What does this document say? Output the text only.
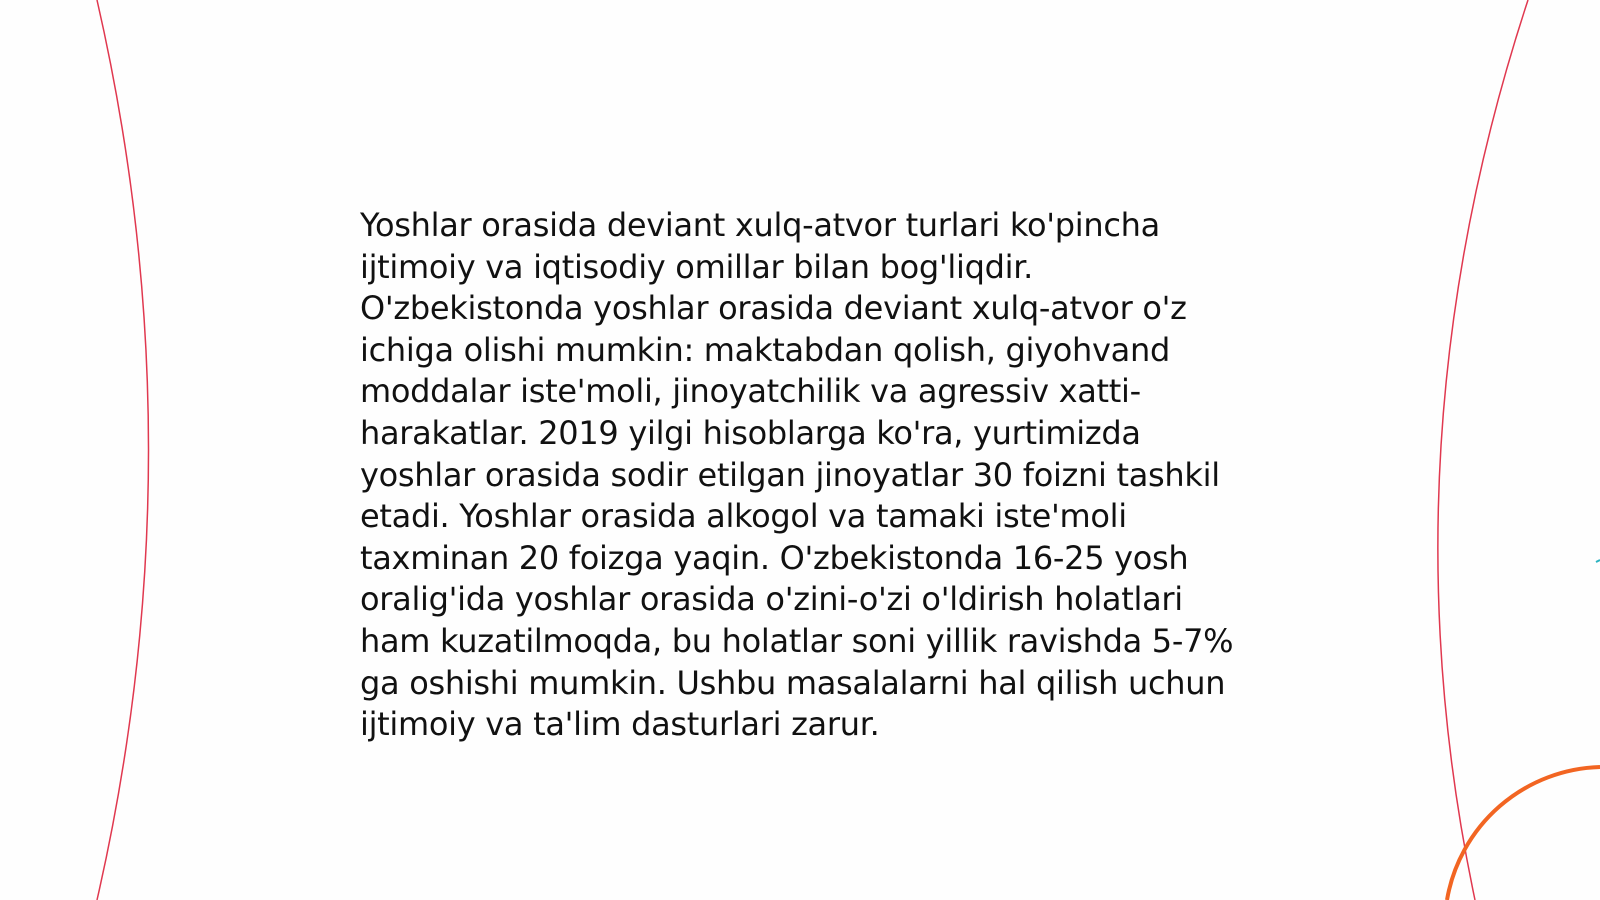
Yoshlar orasida deviant xulq-atvor turlari ko'pincha ijtimoiy va iqtisodiy omillar bilan bog'liqdir. O'zbekistonda yoshlar orasida deviant xulq-atvor o'z ichiga olishi mumkin: maktabdan qolish, giyohvand moddalar iste'moli, jinoyatchilik va agressiv xatti-harakatlar. 2019 yilgi hisoblarga ko'ra, yurtimizda yoshlar orasida sodir etilgan jinoyatlar 30 foizni tashkil etadi. Yoshlar orasida alkogol va tamaki iste'moli taxminan 20 foizga yaqin. O'zbekistonda 16-25 yosh oralig'ida yoshlar orasida o'zini-o'zi o'ldirish holatlari ham kuzatilmoqda, bu holatlar soni yillik ravishda 5-7% ga oshishi mumkin. Ushbu masalalarni hal qilish uchun ijtimoiy va ta'lim dasturlari zarur.
